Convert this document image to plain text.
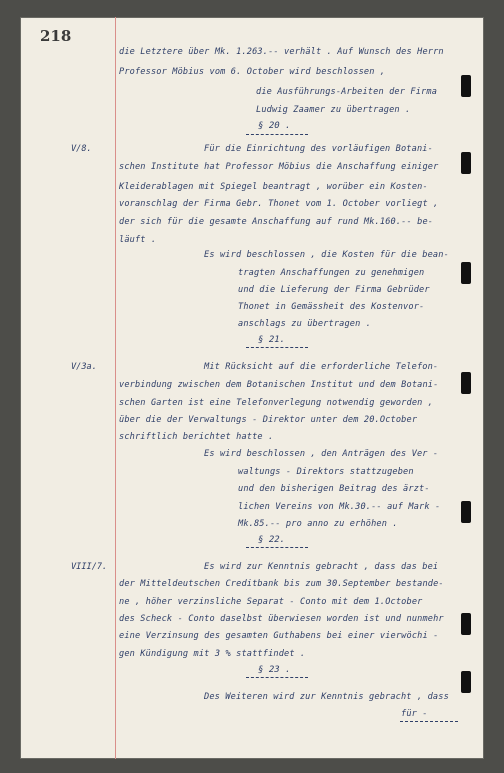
218
die Letztere über Mk. 1.263.-- verhält . Auf Wunsch des Herrn
Professor Möbius vom 6. October wird beschlossen ,
die Ausführungs-Arbeiten der Firma
Ludwig Zaamer zu übertragen .
§ 20 .
V/8.	Für die Einrichtung des vorläufigen Botani-
schen Institute hat Professor Möbius die Anschaffung einiger
Kleiderablagen mit Spiegel beantragt , worüber ein Kosten-
voranschlag der Firma Gebr. Thonet vom 1. October vorliegt ,
der sich für die gesamte Anschaffung auf rund Mk.160.-- be-
läuft .
Es wird beschlossen , die Kosten für die bean-
tragten Anschaffungen zu genehmigen
und die Lieferung der Firma Gebrüder
Thonet in Gemässheit des Kostenvor-
anschlags zu übertragen .
§ 21.
V/3a.	Mit Rücksicht auf die erforderliche Telefon-
verbindung zwischen dem Botanischen Institut und dem Botani-
schen Garten ist eine Telefonverlegung notwendig geworden ,
über die der Verwaltungs - Direktor unter dem 20.October
schriftlich berichtet hatte .
Es wird beschlossen , den Anträgen des Ver -
waltungs - Direktors stattzugeben
und den bisherigen Beitrag des ärzt-
lichen Vereins von Mk.30.-- auf Mark -
Mk.85.-- pro anno zu erhöhen .
§ 22.
VIII/7.	Es wird zur Kenntnis gebracht , dass das bei
der Mitteldeutschen Creditbank bis zum 30.September bestande-
ne , höher verzinsliche Separat - Conto mit dem 1.October
des Scheck - Conto daselbst überwiesen worden ist und nunmehr
eine Verzinsung des gesamten Guthabens bei einer vierwöchi -
gen Kündigung mit 3 % stattfindet .
§ 23 .
Des Weiteren wird zur Kenntnis gebracht , dass
für -
